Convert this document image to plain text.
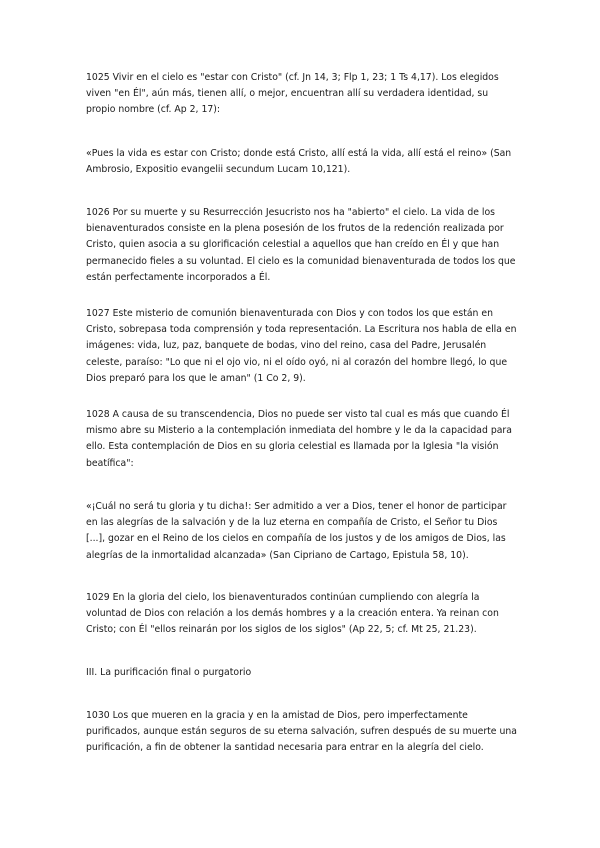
1025 Vivir en el cielo es "estar con Cristo" (cf. Jn 14, 3; Flp 1, 23; 1 Ts 4,17). Los elegidos viven "en Él", aún más, tienen allí, o mejor, encuentran allí su verdadera identidad, su propio nombre (cf. Ap 2, 17):

«Pues la vida es estar con Cristo; donde está Cristo, allí está la vida, allí está el reino» (San Ambrosio, Expositio evangelii secundum Lucam 10,121).

1026 Por su muerte y su Resurrección Jesucristo nos ha "abierto" el cielo. La vida de los bienaventurados consiste en la plena posesión de los frutos de la redención realizada por Cristo, quien asocia a su glorificación celestial a aquellos que han creído en Él y que han permanecido fieles a su voluntad. El cielo es la comunidad bienaventurada de todos los que están perfectamente incorporados a Él.

1027 Este misterio de comunión bienaventurada con Dios y con todos los que están en Cristo, sobrepasa toda comprensión y toda representación. La Escritura nos habla de ella en imágenes: vida, luz, paz, banquete de bodas, vino del reino, casa del Padre, Jerusalén celeste, paraíso: "Lo que ni el ojo vio, ni el oído oyó, ni al corazón del hombre llegó, lo que Dios preparó para los que le aman" (1 Co 2, 9).

1028 A causa de su transcendencia, Dios no puede ser visto tal cual es más que cuando Él mismo abre su Misterio a la contemplación inmediata del hombre y le da la capacidad para ello. Esta contemplación de Dios en su gloria celestial es llamada por la Iglesia "la visión beatífica":

«¡Cuál no será tu gloria y tu dicha!: Ser admitido a ver a Dios, tener el honor de participar en las alegrías de la salvación y de la luz eterna en compañía de Cristo, el Señor tu Dios [...], gozar en el Reino de los cielos en compañía de los justos y de los amigos de Dios, las alegrías de la inmortalidad alcanzada» (San Cipriano de Cartago, Epistula 58, 10).

1029 En la gloria del cielo, los bienaventurados continúan cumpliendo con alegría la voluntad de Dios con relación a los demás hombres y a la creación entera. Ya reinan con Cristo; con Él "ellos reinarán por los siglos de los siglos" (Ap 22, 5; cf. Mt 25, 21.23).

III. La purificación final o purgatorio

1030 Los que mueren en la gracia y en la amistad de Dios, pero imperfectamente purificados, aunque están seguros de su eterna salvación, sufren después de su muerte una purificación, a fin de obtener la santidad necesaria para entrar en la alegría del cielo.
